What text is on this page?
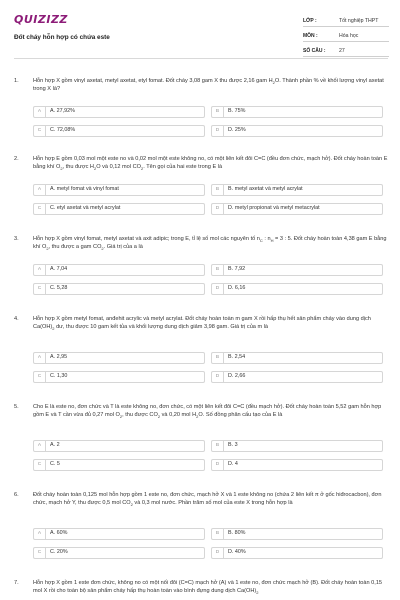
QUIZIZZ
Đốt cháy hỗn hợp có chứa este
LỚP :	Tốt nghiệp THPT
MÔN :	Hóa học
SỐ CÂU :	27
1.	Hỗn hợp X gồm vinyl axetat, metyl axetat, etyl fomat. Đốt cháy 3,08 gam X thu được 2,16 gam $H_2O$. Thành phần % về khối lượng vinyl axetat trong X là?
A	A. 27,92%	B	B. 75%
C	C. 72,08%	D	D. 25%
2.	Hỗn hợp E gồm 0,03 mol một este no và 0,02 mol một este không no, có một liên kết đôi C=C (đều đơn chức, mạch hở). Đốt cháy hoàn toàn E bằng khí $O_2$, thu được $H_2O$ và 0,12 mol $CO_2$. Tên gọi của hai este trong E là
A	A. metyl fomat và vinyl fomat	B	B. metyl axetat và metyl acrylat
C	C. etyl axetat và metyl acrylat	D	D. metyl propionat và metyl metacrylat
3.	Hỗn hợp X gồm vinyl fomat, metyl axetat và axit adipic; trong E, tỉ lệ số mol các nguyên tố $n_C$ : $n_H = 3$ : 5. Đốt cháy hoàn toàn 4,38 gam E bằng khí $O_2$, thu được a gam $CO_2$. Giá trị của a là
A	A. 7,04	B	B. 7,92
C	C. 5,28	D	D. 6,16
4.	Hỗn hợp X gồm metyl fomat, anđehit acrylic và metyl acrylat. Đốt cháy hoàn toàn m gam X rồi hấp thụ hết sản phẩm cháy vào dung dịch $Ca(OH)_2$ dư, thu được 10 gam kết tủa và khối lượng dung dịch giảm 3,98 gam. Giá trị của m là
A	A. 2,95	B	B. 2,54
C	C. 1,30	D	D. 2,66
5.	Cho E là este no, đơn chức và T là este không no, đơn chức, có một liên kết đôi C=C (đều mạch hở). Đốt cháy hoàn toàn 5,52 gam hỗn hợp gồm E và T cần vừa đủ 0,27 mol $O_2$, thu được $CO_2$ và 0,20 mol $H_2O$. Số đồng phân cấu tạo của E là
A	A. 2	B	B. 3
C	C. 5	D	D. 4
6.	Đốt cháy hoàn toàn 0,125 mol hỗn hợp gồm 1 este no, đơn chức, mạch hở X và 1 este không no (chứa 2 liên kết π ở gốc hiđrocacbon), đơn chức, mạch hở Y, thu được 0,5 mol $CO_2$ và 0,3 mol nước. Phần trăm số mol của este X trong hỗn hợp là
A	A. 60%	B	B. 80%
C	C. 20%	D	D. 40%
7.	Hỗn hợp X gồm 1 este đơn chức, không no có một nối đôi (C=C) mạch hở (A) và 1 este no, đơn chức mạch hở (B). Đốt cháy hoàn toàn 0,15 mol X rồi cho toàn bộ sản phẩm cháy hấp thụ hoàn toàn vào bình đựng dung dịch $Ca(OH)_2$
